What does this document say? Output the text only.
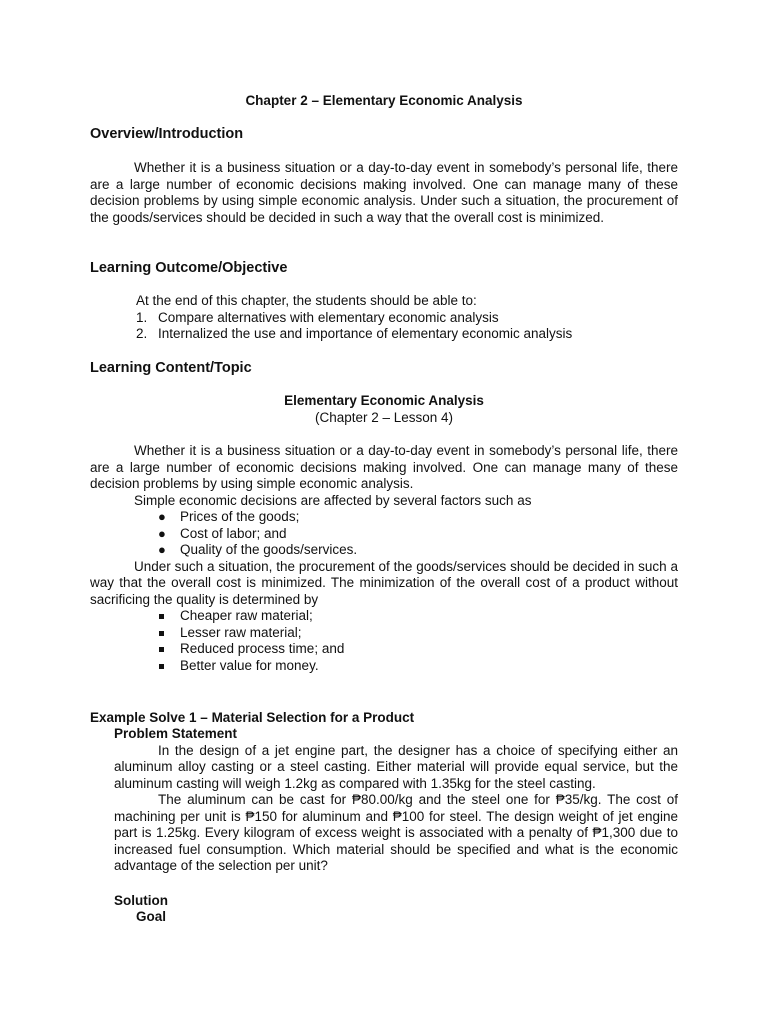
Chapter 2 – Elementary Economic Analysis
Overview/Introduction

Whether it is a business situation or a day-to-day event in somebody’s personal life, there are a large number of economic decisions making involved. One can manage many of these decision problems by using simple economic analysis. Under such a situation, the procurement of the goods/services should be decided in such a way that the overall cost is minimized.

Learning Outcome/Objective

At the end of this chapter, the students should be able to:

1. Compare alternatives with elementary economic analysis
2. Internalized the use and importance of elementary economic analysis
Learning Content/Topic
Elementary Economic Analysis
(Chapter 2 – Lesson 4)

Whether it is a business situation or a day-to-day event in somebody’s personal life, there are a large number of economic decisions making involved. One can manage many of these decision problems by using simple economic analysis.

Simple economic decisions are affected by several factors such as

● Prices of the goods;
● Cost of labor; and
● Quality of the goods/services.

Under such a situation, the procurement of the goods/services should be decided in such a way that the overall cost is minimized. The minimization of the overall cost of a product without sacrificing the quality is determined by

Cheaper raw material;
Lesser raw material;
Reduced process time; and
Better value for money.
Example Solve 1 – Material Selection for a Product
Problem Statement

In the design of a jet engine part, the designer has a choice of specifying either an aluminum alloy casting or a steel casting. Either material will provide equal service, but the aluminum casting will weigh 1.2kg as compared with 1.35kg for the steel casting.

The aluminum can be cast for ₱80.00/kg and the steel one for ₱35/kg. The cost of machining per unit is ₱150 for aluminum and ₱100 for steel. The design weight of jet engine part is 1.25kg. Every kilogram of excess weight is associated with a penalty of ₱1,300 due to increased fuel consumption. Which material should be specified and what is the economic advantage of the selection per unit?

Solution
Goal
